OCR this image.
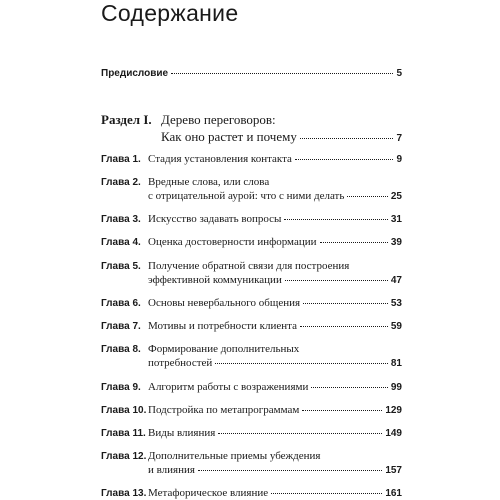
Содержание
Предисловие	5
Раздел I. Дерево переговоров:
Как оно растет и почему	7
Глава 1. Стадия установления контакта	9
Глава 2. Вредные слова, или слова
с отрицательной аурой: что с ними делать	25
Глава 3. Искусство задавать вопросы	31
Глава 4. Оценка достоверности информации	39
Глава 5. Получение обратной связи для построения
эффективной коммуникации	47
Глава 6. Основы невербального общения	53
Глава 7. Мотивы и потребности клиента	59
Глава 8. Формирование дополнительных
потребностей	81
Глава 9. Алгоритм работы с возражениями	99
Глава 10. Подстройка по метапрограммам	129
Глава 11. Виды влияния	149
Глава 12. Дополнительные приемы убеждения
и влияния	157
Глава 13. Метафорическое влияние	161
